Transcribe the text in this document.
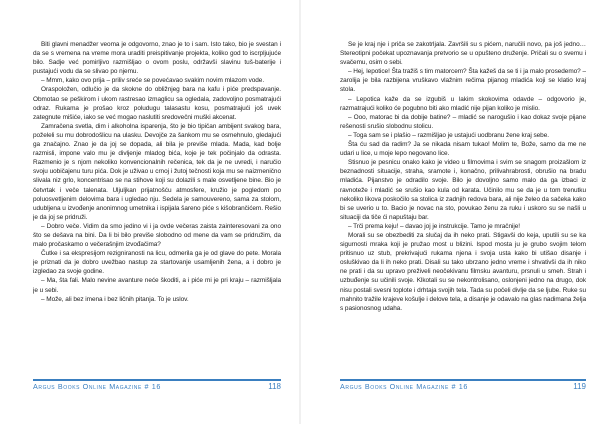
Biti glavni menadžer veoma je odgovorno, znao je to i sam. Isto tako, bio je svestan i da se s vremena na vreme mora uraditi preispitivanje projekta, koliko god to iscrpljujuće bilo. Sadje već pomirljivo razmišljao o ovom poslu, održavši slavinu tuš-baterije i pustajući vodu da se slivao po njemu.

– Mmm, kako ovo prija – priliv sreće se povećavao svakim novim mlazom vode.

Oraspoložen, odlučio je da skokne do obližnjeg bara na kafu i piće predspavanje. Obmotao se peškirom i ukom rastresao izmaglicu sa ogledala, zadovoljno posmatrajući odraz. Rukama je prošao kroz poludugu talasastu kosu, posmatrajući još uvek zategnute mišiće, iako se već mogao naslutiti sredovečni muški akcenat.

Zamračena svetla, dim i alkoholna isparenja, što je bio tipičan ambijent svakog bara, poželeli su mu dobrodošlicu na ulasku. Devojče za šankom mu se osmehnulo, gledajući ga značajno. Znao je da joj se dopada, ali bila je previše mlada. Mada, kad bolje razmisli, impone valo mu je divljenje mladog bića, koje je tek počinjalo da odrasta. Razmenio je s njom nekoliko konvencionalnih rečenica, tek da je ne uvredi, i naručio svoju uobičajenu turu pića. Dok je uživao u crnoj i žutoj tečnosti koja mu se naizmenično slivala niz grlo, koncentrisao se na stihove koji su dolazili s male osvetljene bine. Bio je četvrtak i veče talenata. Uljuljkan prijatnošću atmosfere, kružio je pogledom po poluosvetljenim delovima bara i ugledao nju. Sedela je samouvereno, sama za stolom, udubljena u izvođenje anonimnog umetnika i ispijala šareno piće s kišobrančićem. Rešio je da joj se pridruži.

– Dobro veče. Vidim da smo jedino vi i ja ovde večeras zaista zainteresovani za ono što se dešava na bini. Da li bi bilo previše slobodno od mene da vam se pridružim, da malo pročaskamo o večerašnjim izvođačima?

Čutke i sa ekspresijom rezigniranosti na licu, odmerila ga je od glave do pete. Morala je priznati da je dobro uvežbao nastup za startovanje usamljenih žena, a i dobro je izgledao za svoje godine.

– Ma, šta fali. Malo nevine avanture neće škoditi, a i piće mi je pri kraju – razmišljala je u sebi.

– Može, ali bez imena i bez ličnih pitanja. To je uslov.

Argus Books Online Magazine # 16	118

Se je kraj nje i priča se zakotrljala. Završili su s pićem, naručili novo, pa još jedno… Stereotipni počekat upoznavanja pretvorio se u opušteno druženje. Pričali su o svemu i svačemu, osim o sebi.

– Hej, lepotice! Šta tražiš s tim matorcem? Šta kažeš da se ti i ja malo prosedemo? – zarolija je bila razbijena vruškavo vlažnim rečima pijanog mladića koji se klatio kraj stola.

– Lepotica kaže da se izgubiš u lakim skokovima odavde – odgovorio je, razmatrajući koliko će pogubno biti ako mladić nije pijan koliko je mislio.

– Ooo, matorac bi da dobije batine? – mladić se narogušio i kao dokaz svoje pijane rešenosti srušio slobodnu stolicu.

– Toga sam se i plašio – razmišljao je ustajući uodbranu žene kraj sebe.

Šta ću sad da radim? Ja se nikada nisam tukao! Molim te, Bože, samo da me ne udari u lice, u moje lepo negovano lice.

Stisnuo je pesnicu onako kako je video u filmovima i svim se snagom proizašlom iz beznadnosti situacije, straha, sramote i, konačno, prilivahrabrosti, obrušio na bradu mladića. Pijanstvo je odradilo svoje. Bilo je dovoljno samo malo da ga izbaci iz ravnoteže i mladić se srušio kao kula od karata. Učinilo mu se da je u tom trenutku nekoliko likova poskočilo sa stolica iz zadnjih redova bara, ali nije želeo da sačeka kako bi se uverio u to. Bacio je novac na sto, povukao ženu za ruku i uskoro su se našli u situaciji da tiče ći napuštaju bar.

– Trči prema keju! – davao joj je instrukcije. Tamo je mračnije!

Morali su se obezbediti za slučaj da ih neko prati. Stigavši do keja, uputili su se ka sigurnosti mraka koji je pružao most u blizini. Ispod mosta ju je grubo svojim telom pritisnuo uz stub, prekrivajući rukama njena i svoja usta kako bi utišao disanje i osluškivao da li ih neko prati. Disali su tako ubrzano jedno vreme i shvativši da ih niko ne prati i da su upravo preživeli neočekivanu filmsku avanturu, prsnuli u smeh. Strah i uzbuđenje su učinili svoje. Klkotali su se nekontrolisano, oslonjeni jedno na drugo, dok nisu postali svesni toplote i drhtaja svojih tela. Tada su počeli divlje da se ljube. Ruke su mahnito tražile krajeve košulje i delove tela, a disanje je odavalo na glas nadimana želja s pasionosnog udaha.

Argus Books Online Magazine # 16	119
